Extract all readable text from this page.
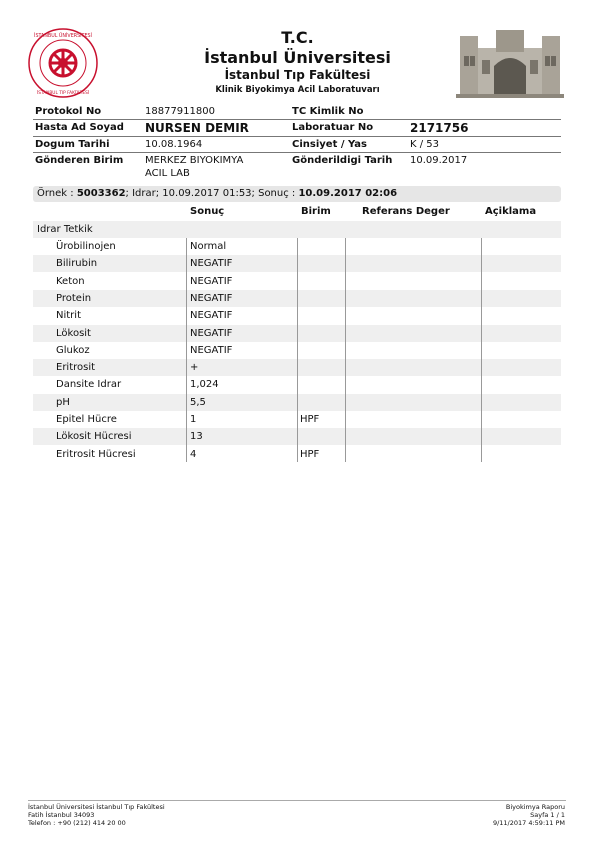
İSTANBUL ÜNİVERSİTESİ
İSTANBUL TIP FAKÜLTESİ
T.C.
İstanbul Üniversitesi
İstanbul Tıp Fakültesi
Klinik Biyokimya Acil Laboratuvarı
Protokol No	18877911800	TC Kimlik No
Hasta Ad Soyad NURSEN DEMIR	Laboratuar No	2171756
Dogum Tarihi	10.08.1964	Cinsiyet / Yas	K / 53
Gönderen Birim MERKEZ BIYOKIMYA
ACIL LAB
Gönderildigi Tarih 10.09.2017
Örnek : 5003362; Idrar; 10.09.2017 01:53; Sonuç : 10.09.2017 02:06
Sonuç	Birim	Referans Deger	Açiklama
Idrar Tetkik
Ürobilinojen	Normal
Bilirubin	NEGATIF
Keton	NEGATIF
Protein	NEGATIF
Nitrit	NEGATIF
Lökosit	NEGATIF
Glukoz	NEGATIF
Eritrosit	+
Dansite Idrar	1,024
pH	5,5
Epitel Hücre	1	HPF
Lökosit Hücresi	13
Eritrosit Hücresi	4	HPF
İstanbul Üniversitesi İstanbul Tıp Fakültesi
Fatih İstanbul 34093
Telefon : +90 (212) 414 20 00
Biyokimya Raporu
Sayfa 1 / 1
9/11/2017 4:59:11 PM
